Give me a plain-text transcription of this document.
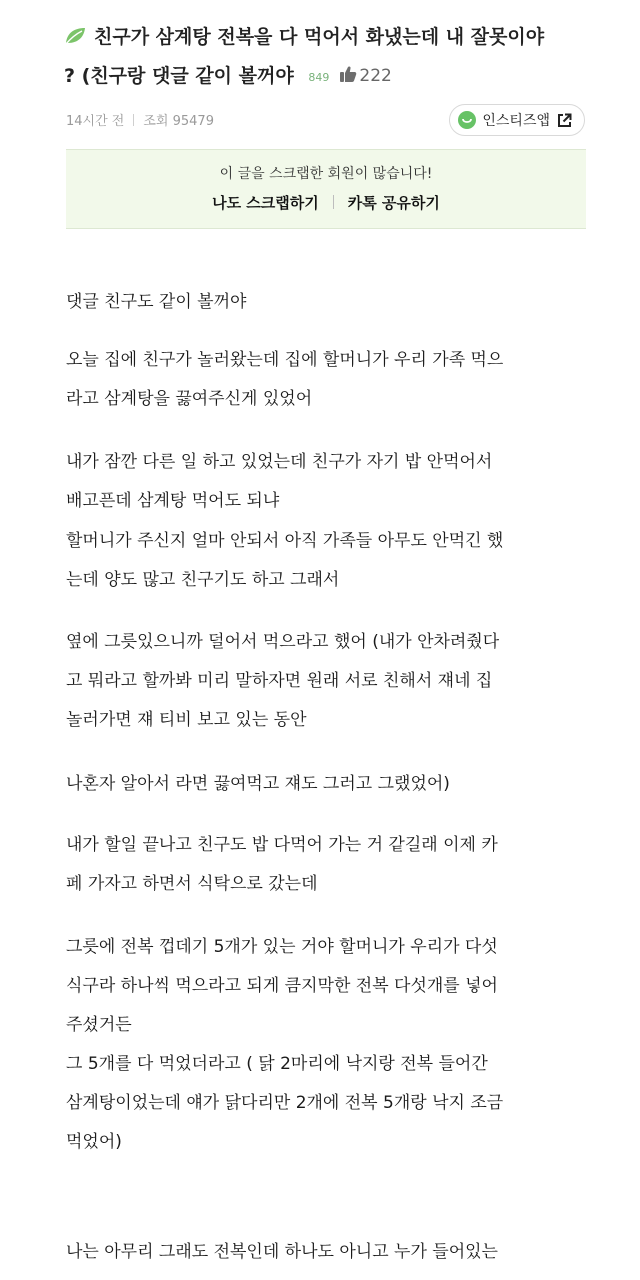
친구가 삼계탕 전복을 다 먹어서 화냈는데 내 잘못이야
? (친구랑 댓글 같이 볼꺼야 849 222
14시간 전 조회 95479	인스티즈앱
이 글을 스크랩한 회원이 많습니다!
나도 스크랩하기 카톡 공유하기
댓글 친구도 같이 볼꺼야
오늘 집에 친구가 놀러왔는데 집에 할머니가 우리 가족 먹으
라고 삼계탕을 끓여주신게 있었어
내가 잠깐 다른 일 하고 있었는데 친구가 자기 밥 안먹어서
배고픈데 삼계탕 먹어도 되냐
할머니가 주신지 얼마 안되서 아직 가족들 아무도 안먹긴 했
는데 양도 많고 친구기도 하고 그래서
옆에 그릇있으니까 덜어서 먹으라고 했어 (내가 안차려줬다
고 뭐라고 할까봐 미리 말하자면 원래 서로 친해서 쟤네 집
놀러가면 쟤 티비 보고 있는 동안
나혼자 알아서 라면 끓여먹고 쟤도 그러고 그랬었어)
내가 할일 끝나고 친구도 밥 다먹어 가는 거 같길래 이제 카
페 가자고 하면서 식탁으로 갔는데
그릇에 전복 껍데기 5개가 있는 거야 할머니가 우리가 다섯
식구라 하나씩 먹으라고 되게 큼지막한 전복 다섯개를 넣어
주셨거든
그 5개를 다 먹었더라고 ( 닭 2마리에 낙지랑 전복 들어간
삼계탕이었는데 얘가 닭다리만 2개에 전복 5개랑 낙지 조금
먹었어)
나는 아무리 그래도 전복인데 하나도 아니고 누가 들어있는
